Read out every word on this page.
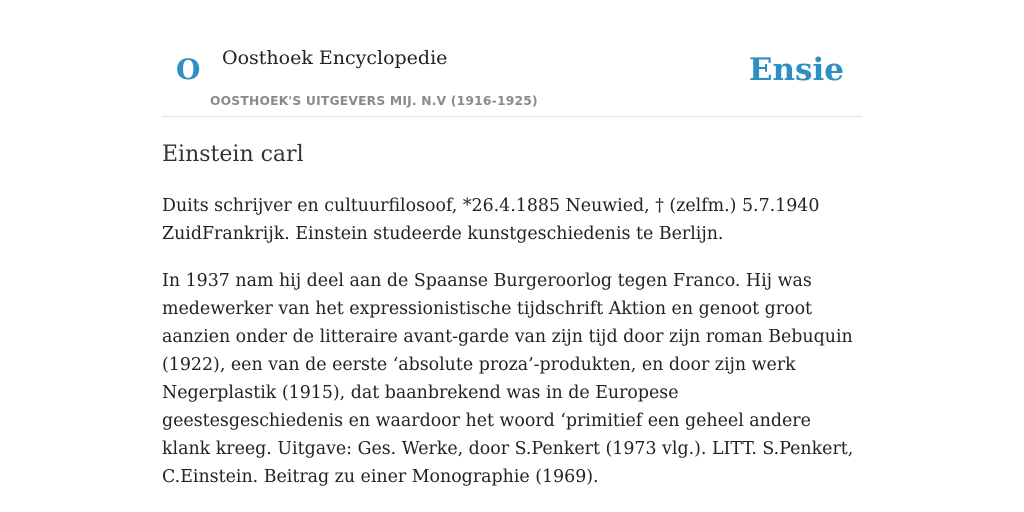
O Oosthoek Encyclopedie
OOSTHOEK'S UITGEVERS MIJ. N.V (1916-1925)
Ensie
Einstein carl

Duits schrijver en cultuurfilosoof, *26.4.1885 Neuwied, † (zelfm.) 5.7.1940 ZuidFrankrijk. Einstein studeerde kunstgeschiedenis te Berlijn.

In 1937 nam hij deel aan de Spaanse Burgeroorlog tegen Franco. Hij was medewerker van het expressionistische tijdschrift Aktion en genoot groot aanzien onder de litteraire avant-garde van zijn tijd door zijn roman Bebuquin (1922), een van de eerste ‘absolute proza’-produkten, en door zijn werk Negerplastik (1915), dat baanbrekend was in de Europese geestesgeschiedenis en waardoor het woord ‘primitief een geheel andere klank kreeg. Uitgave: Ges. Werke, door S.Penkert (1973 vlg.). LITT. S.Penkert, C.Einstein. Beitrag zu einer Monographie (1969).
